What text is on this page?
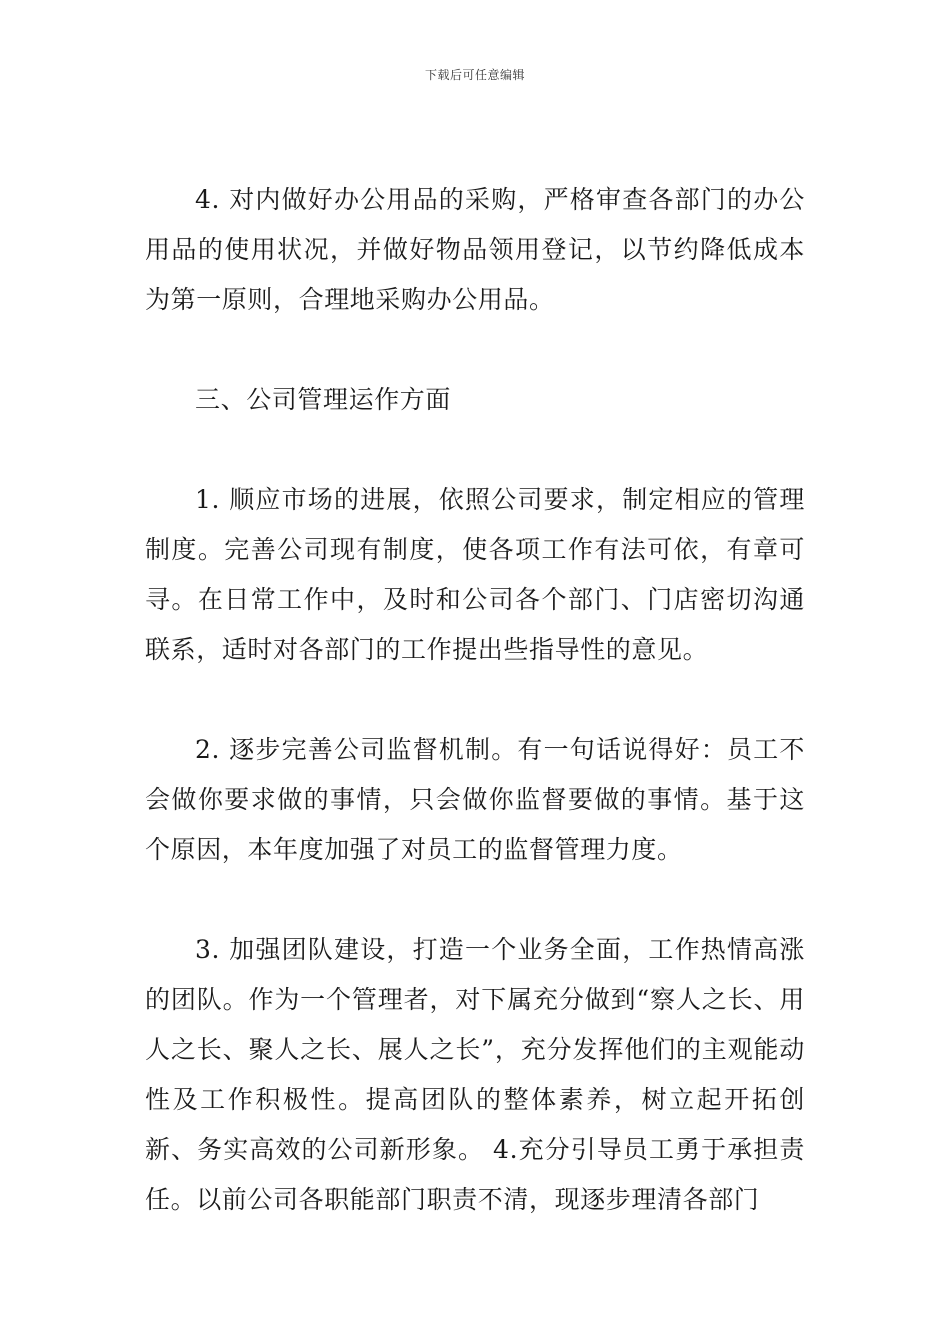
下载后可任意编辑

4. 对内做好办公用品的采购，严格审查各部门的办公用品的使用状况，并做好物品领用登记，以节约降低成本为第一原则，合理地采购办公用品。

三、公司管理运作方面

1. 顺应市场的进展，依照公司要求，制定相应的管理制度。完善公司现有制度，使各项工作有法可依，有章可寻。在日常工作中，及时和公司各个部门、门店密切沟通联系，适时对各部门的工作提出些指导性的意见。

2. 逐步完善公司监督机制。有一句话说得好：员工不会做你要求做的事情，只会做你监督要做的事情。基于这个原因，本年度加强了对员工的监督管理力度。

3. 加强团队建设，打造一个业务全面，工作热情高涨的团队。作为一个管理者，对下属充分做到“察人之长、用人之长、聚人之长、展人之长”，充分发挥他们的主观能动性及工作积极性。提高团队的整体素养，树立起开拓创新、务实高效的公司新形象。 4.充分引导员工勇于承担责任。以前公司各职能部门职责不清，现逐步理清各部门
